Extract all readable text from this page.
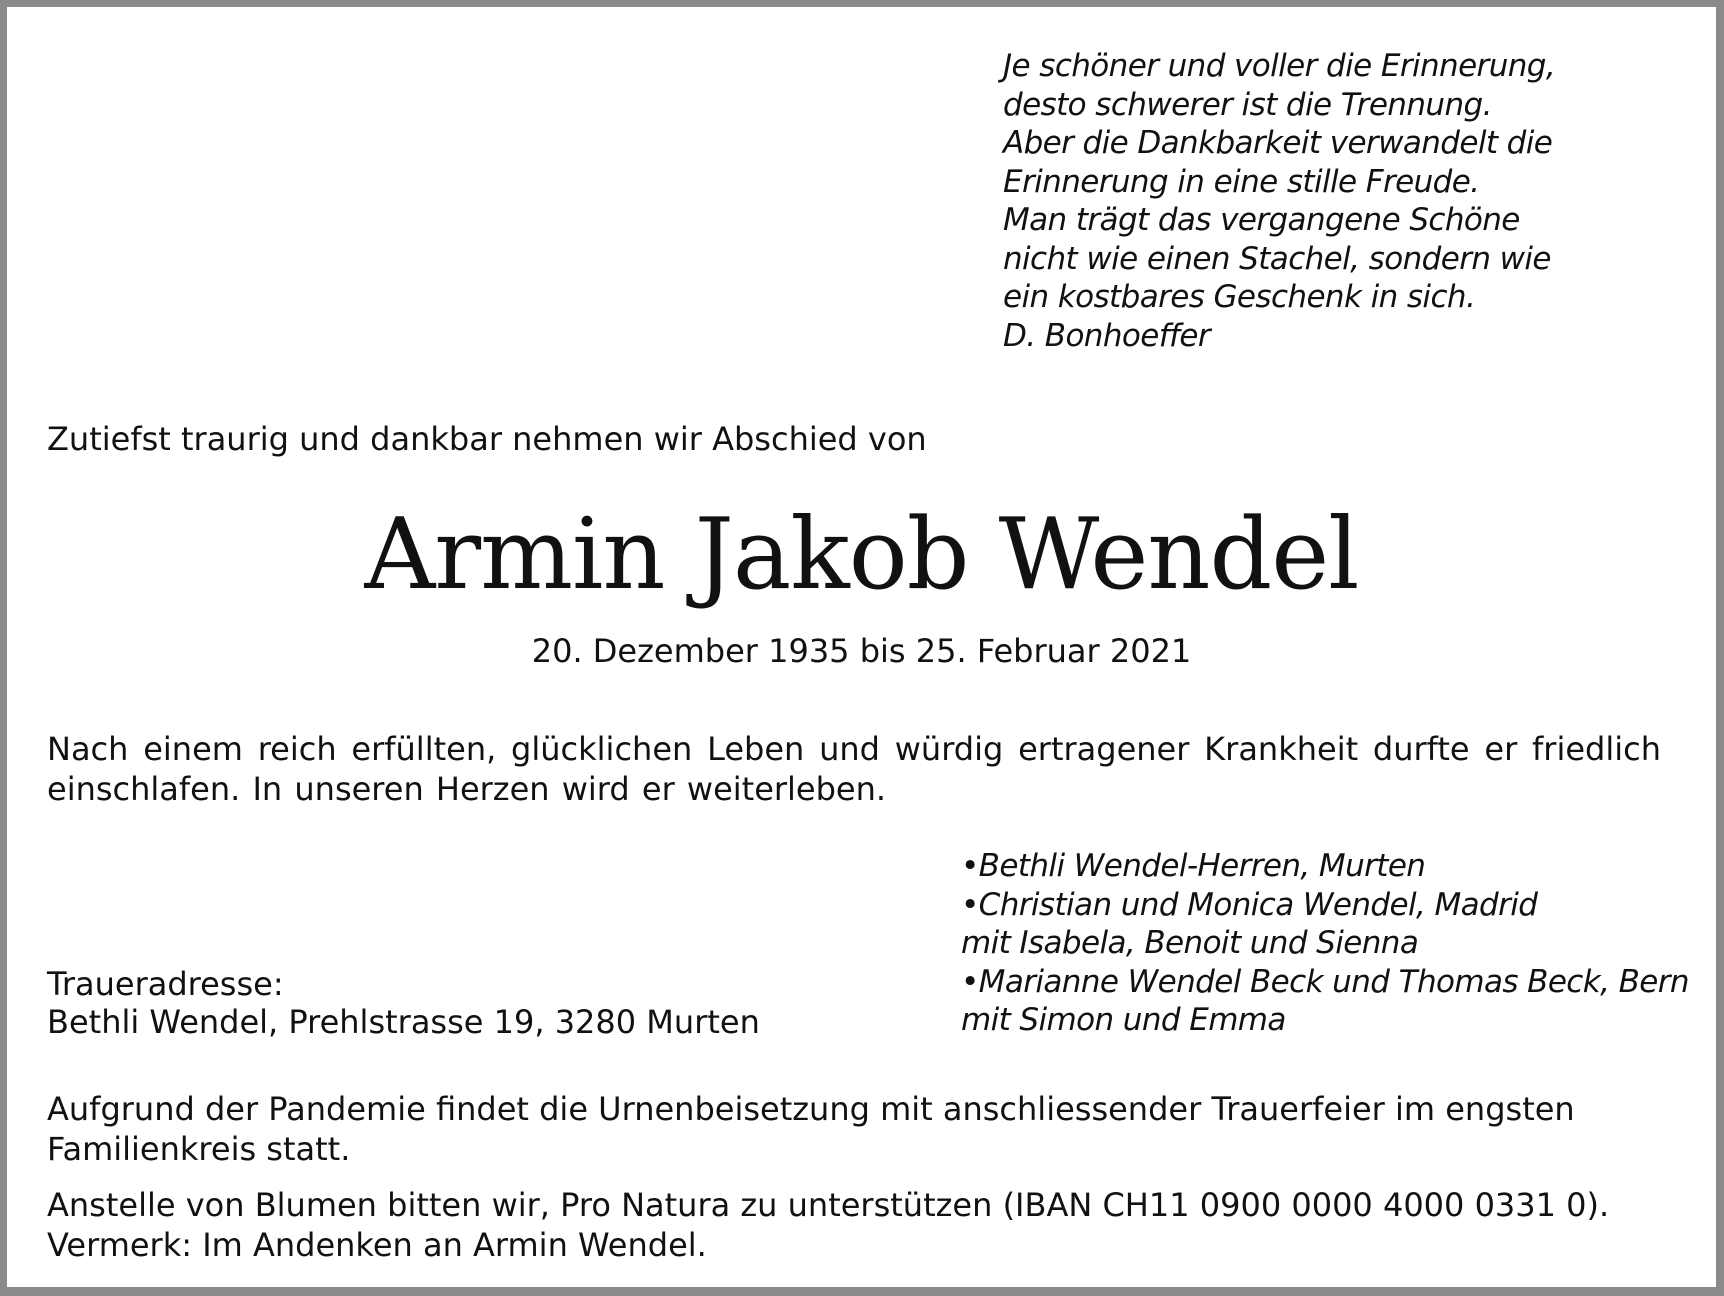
Je schöner und voller die Erinnerung,
desto schwerer ist die Trennung.
Aber die Dankbarkeit verwandelt die
Erinnerung in eine stille Freude.
Man trägt das vergangene Schöne
nicht wie einen Stachel, sondern wie
ein kostbares Geschenk in sich.
D. Bonhoeffer
Zutiefst traurig und dankbar nehmen wir Abschied von
Armin Jakob Wendel
20. Dezember 1935 bis 25. Februar 2021
Nach einem reich erfüllten, glücklichen Leben und würdig ertragener Krankheit durfte er friedlich einschlafen. In unseren Herzen wird er weiterleben.
Traueradresse:
Bethli Wendel, Prehlstrasse 19, 3280 Murten
•Bethli Wendel-Herren, Murten
•Christian und Monica Wendel, Madrid
mit Isabela, Benoit und Sienna
•Marianne Wendel Beck und Thomas Beck, Bern
mit Simon und Emma
Aufgrund der Pandemie findet die Urnenbeisetzung mit anschliessender Trauerfeier im engsten
Familienkreis statt.
Anstelle von Blumen bitten wir, Pro Natura zu unterstützen (IBAN CH11 0900 0000 4000 0331 0).
Vermerk: Im Andenken an Armin Wendel.
